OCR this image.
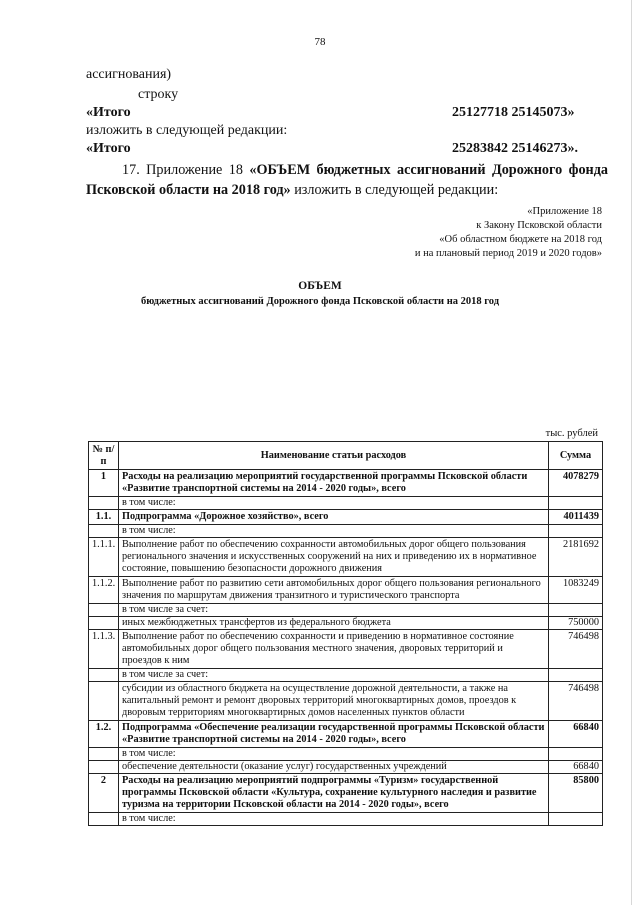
78
ассигнования)
строку
«Итого	25127718 25145073»
изложить в следующей редакции:
«Итого	25283842 25146273».
17. Приложение 18 «ОБЪЕМ бюджетных ассигнований Дорожного фонда Псковской области на 2018 год» изложить в следующей редакции:
«Приложение 18
к Закону Псковской области
«Об областном бюджете на 2018 год
и на плановый период 2019 и 2020 годов»
ОБЪЕМ
бюджетных ассигнований Дорожного фонда Псковской области на 2018 год
тыс. рублей
№ п/п	Наименование статьи расходов	Сумма
1	Расходы на реализацию мероприятий государственной программы Псковской области «Развитие транспортной системы на 2014 - 2020 годы», всего	4078279
	в том числе:	
1.1.	Подпрограмма «Дорожное хозяйство», всего	4011439
	в том числе:	
1.1.1.	Выполнение работ по обеспечению сохранности автомобильных дорог общего пользования регионального значения и искусственных сооружений на них и приведению их в нормативное состояние, повышению безопасности дорожного движения	2181692
1.1.2.	Выполнение работ по развитию сети автомобильных дорог общего пользования регионального значения по маршрутам движения транзитного и туристического транспорта	1083249
	в том числе за счет:	
	иных межбюджетных трансфертов из федерального бюджета	750000
1.1.3.	Выполнение работ по обеспечению сохранности и приведению в нормативное состояние автомобильных дорог общего пользования местного значения, дворовых территорий и проездов к ним	746498
	в том числе за счет:	
	субсидии из областного бюджета на осуществление дорожной деятельности, а также на капитальный ремонт и ремонт дворовых территорий многоквартирных домов, проездов к дворовым территориям многоквартирных домов населенных пунктов области	746498
1.2.	Подпрограмма «Обеспечение реализации государственной программы Псковской области «Развитие транспортной системы на 2014 - 2020 годы», всего	66840
	в том числе:	
	обеспечение деятельности (оказание услуг) государственных учреждений	66840
2	Расходы на реализацию мероприятий подпрограммы «Туризм» государственной программы Псковской области «Культура, сохранение культурного наследия и развитие туризма на территории Псковской области на 2014 - 2020 годы», всего	85800
	в том числе:	
